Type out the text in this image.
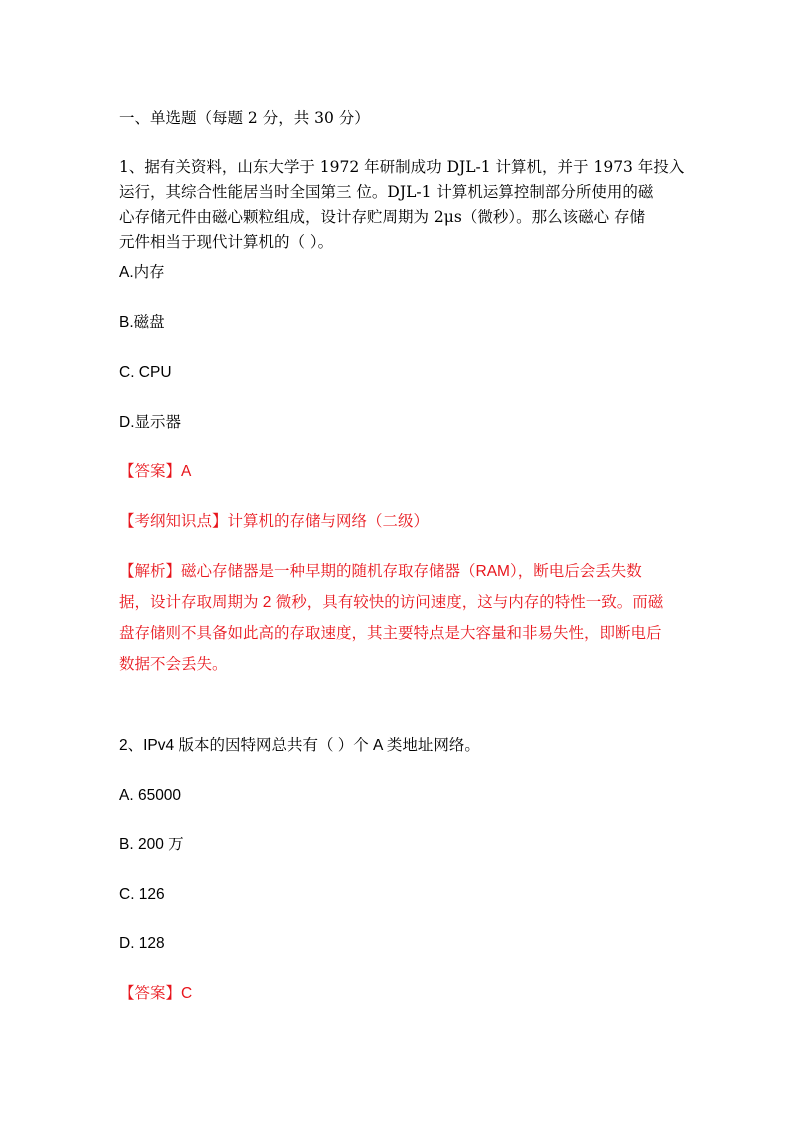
一、单选题（每题 2 分，共 30 分）
1、据有关资料，山东大学于 1972 年研制成功 DJL-1 计算机，并于 1973 年投入
运行，其综合性能居当时全国第三 位。DJL-1 计算机运算控制部分所使用的磁
心存储元件由磁心颗粒组成，设计存贮周期为 2μs（微秒）。那么该磁心 存储
元件相当于现代计算机的（ ）。
A.内存
B.磁盘
C. CPU
D.显示器
【答案】A
【考纲知识点】计算机的存储与网络（二级）
【解析】磁心存储器是一种早期的随机存取存储器（RAM），断电后会丢失数
据，设计存取周期为 2 微秒，具有较快的访问速度，这与内存的特性一致。而磁
盘存储则不具备如此高的存取速度，其主要特点是大容量和非易失性，即断电后
数据不会丢失。
2、IPv4 版本的因特网总共有（ ）个 A 类地址网络。
A. 65000
B. 200 万
C. 126
D. 128
【答案】C
